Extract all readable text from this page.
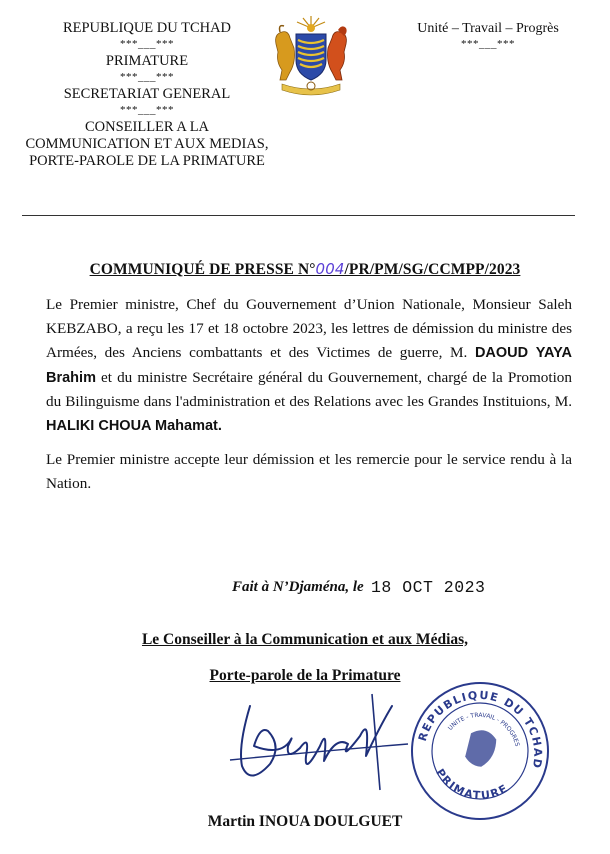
REPUBLIQUE DU TCHAD
***___***
PRIMATURE
***___***
SECRETARIAT GENERAL
***___***
CONSEILLER A LA
COMMUNICATION ET AUX MEDIAS,
PORTE-PAROLE DE LA PRIMATURE
Unité – Travail – Progrès
***___***
COMMUNIQUÉ DE PRESSE N°004/PR/PM/SG/CCMPP/2023

Le Premier ministre, Chef du Gouvernement d’Union Nationale, Monsieur Saleh KEBZABO, a reçu les 17 et 18 octobre 2023, les lettres de démission du ministre des Armées, des Anciens combattants et des Victimes de guerre, M. DAOUD YAYA Brahim et du ministre Secrétaire général du Gouvernement, chargé de la Promotion du Bilinguisme dans l'administration et des Relations avec les Grandes Instituions, M. HALIKI CHOUA Mahamat.

Le Premier ministre accepte leur démission et les remercie pour le service rendu à la Nation.

Fait à N’Djaména, le 18 OCT 2023
Le Conseiller à la Communication et aux Médias,
Porte-parole de la Primature
REPUBLIQUE DU TCHAD
UNITE - TRAVAIL - PROGRES
PRIMATURE
Martin INOUA DOULGUET
